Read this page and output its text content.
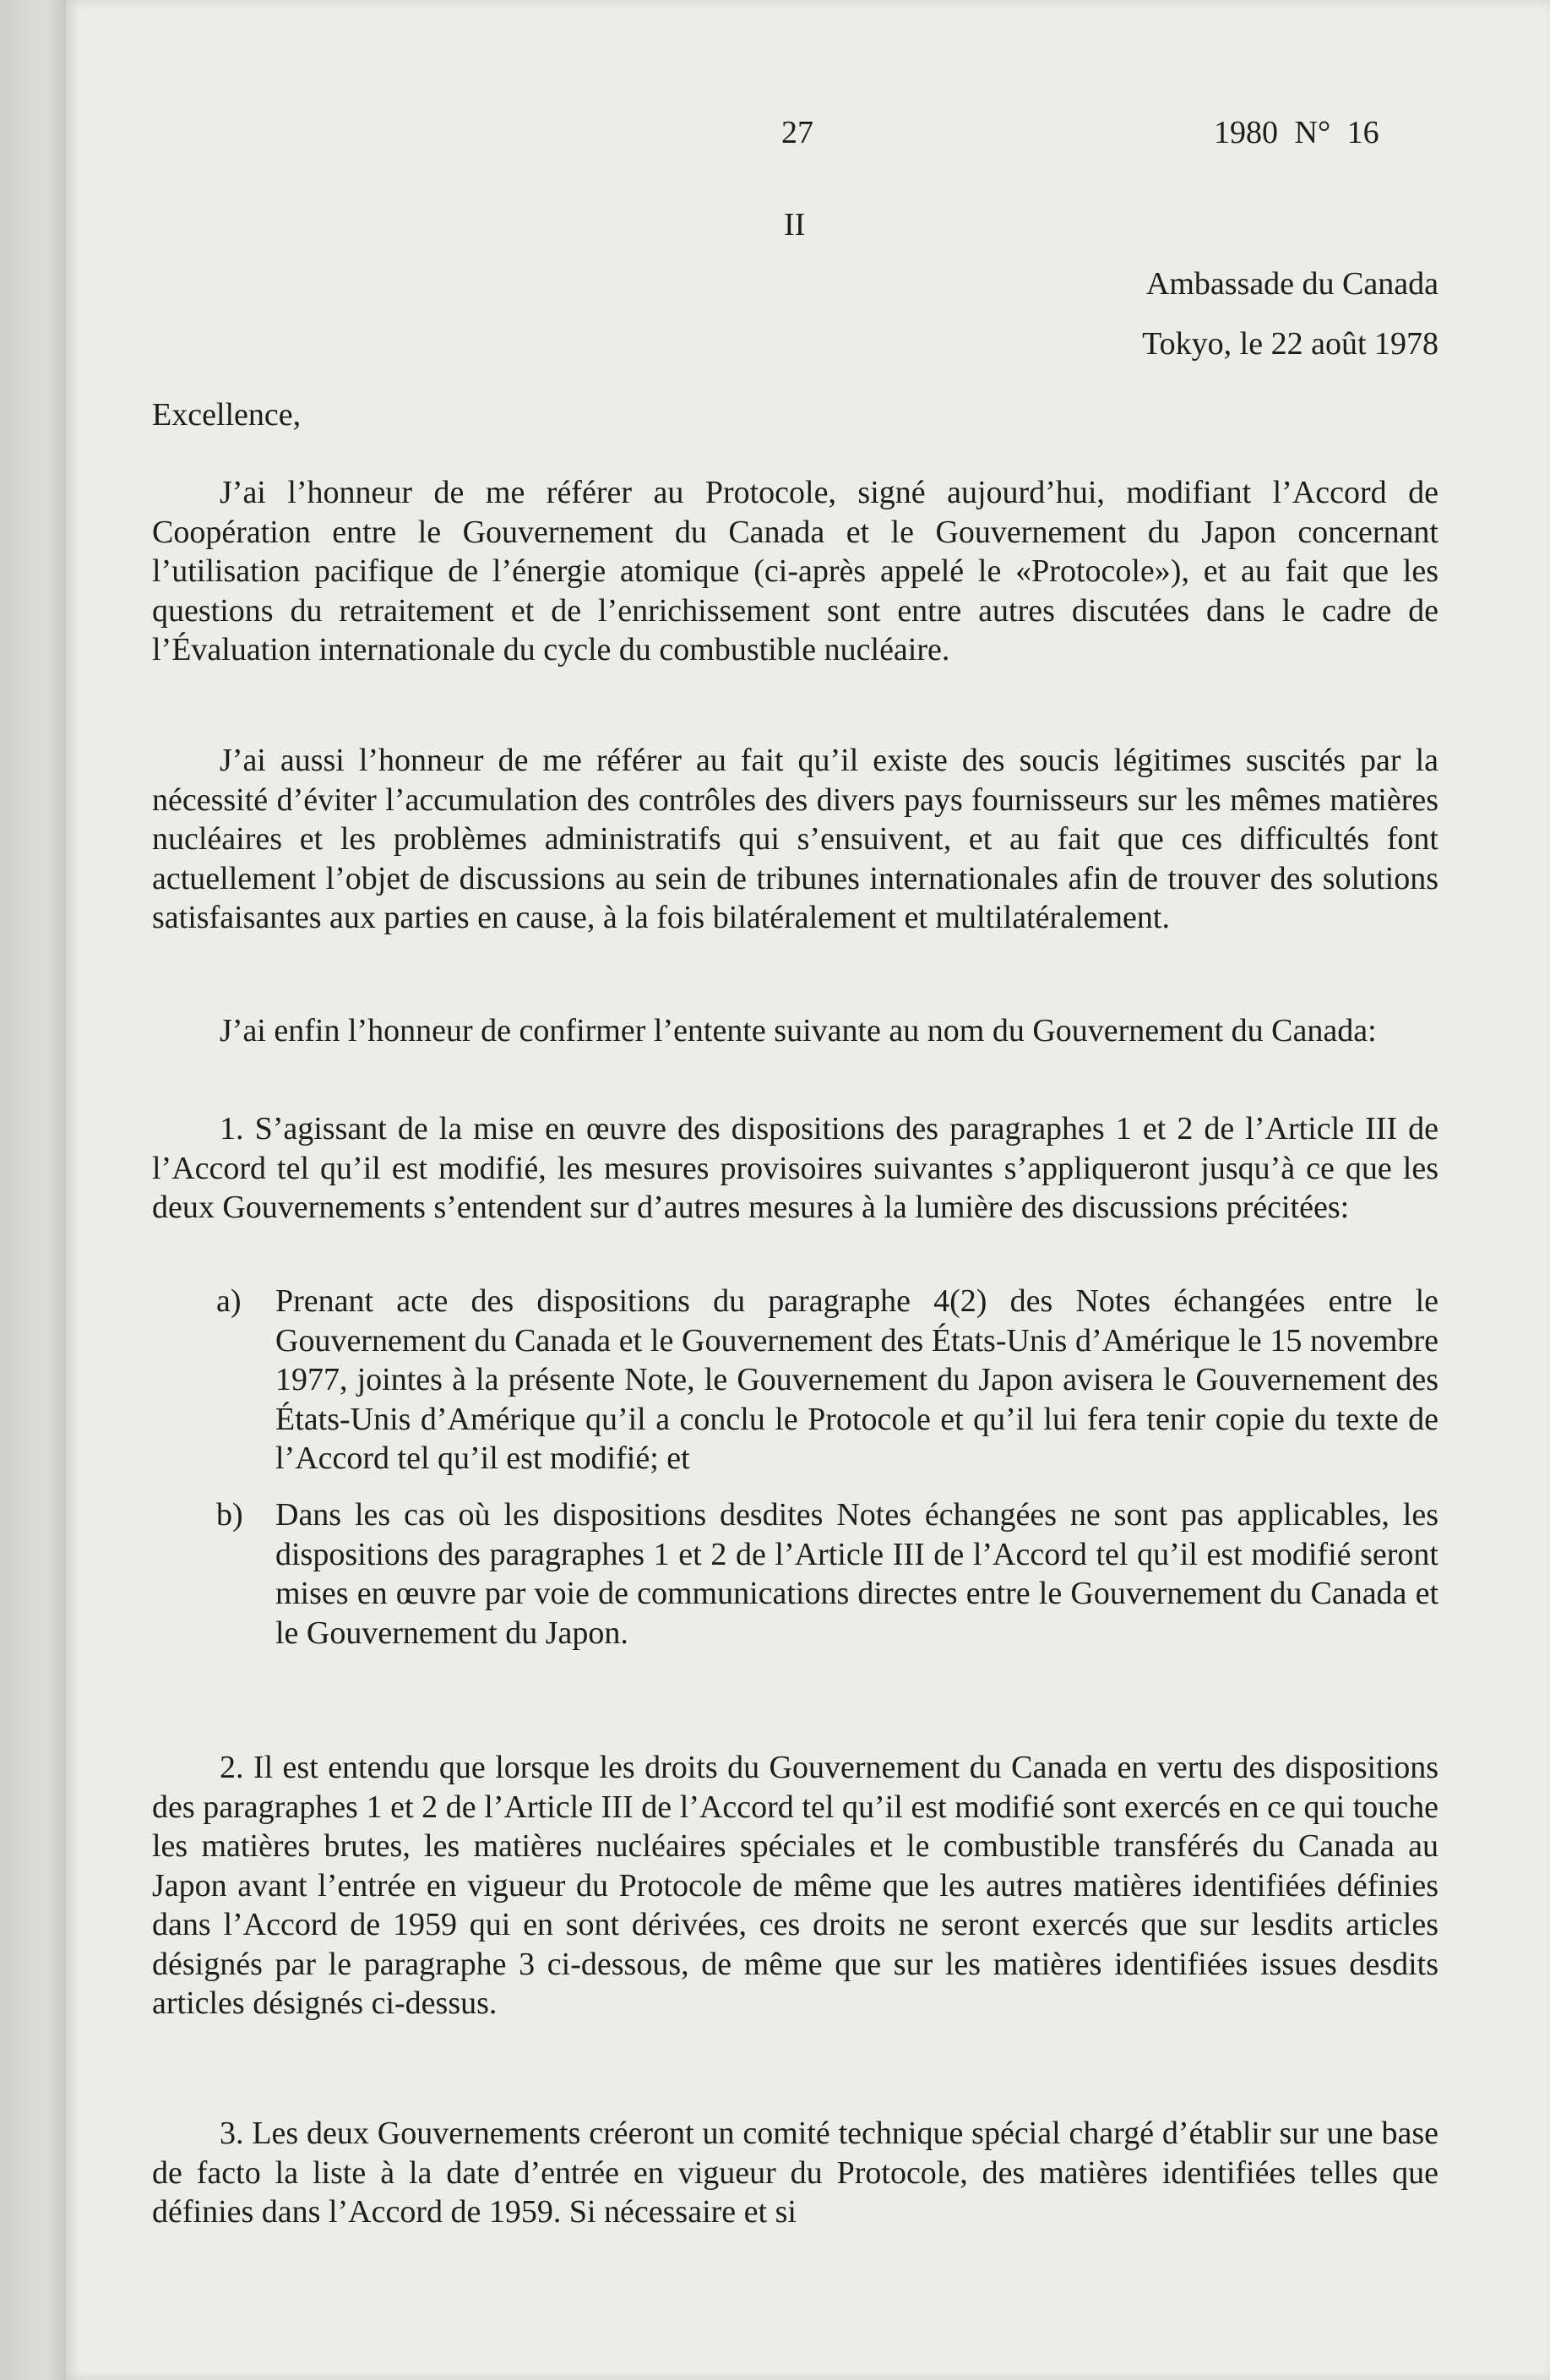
27	1980 N° 16
II
Ambassade du Canada
Tokyo, le 22 août 1978
Excellence,

J’ai l’honneur de me référer au Protocole, signé aujourd’hui, modifiant l’Accord de Coopération entre le Gouvernement du Canada et le Gouvernement du Japon concernant l’utilisation pacifique de l’énergie atomique (ci-après appelé le «Protocole»), et au fait que les questions du retraitement et de l’enrichissement sont entre autres discutées dans le cadre de l’Évaluation internationale du cycle du combustible nucléaire.

J’ai aussi l’honneur de me référer au fait qu’il existe des soucis légitimes suscités par la nécessité d’éviter l’accumulation des contrôles des divers pays fournisseurs sur les mêmes matières nucléaires et les problèmes administratifs qui s’ensuivent, et au fait que ces difficultés font actuellement l’objet de discussions au sein de tribunes internationales afin de trouver des solutions satisfaisantes aux parties en cause, à la fois bilatéralement et multilatéralement.

J’ai enfin l’honneur de confirmer l’entente suivante au nom du Gouvernement du Canada:

1. S’agissant de la mise en œuvre des dispositions des paragraphes 1 et 2 de l’Article III de l’Accord tel qu’il est modifié, les mesures provisoires suivantes s’appliqueront jusqu’à ce que les deux Gouvernements s’entendent sur d’autres mesures à la lumière des discussions précitées:

a)	Prenant acte des dispositions du paragraphe 4(2) des Notes échangées entre le Gouvernement du Canada et le Gouvernement des États-Unis d’Amérique le 15 novembre 1977, jointes à la présente Note, le Gouvernement du Japon avisera le Gouvernement des États-Unis d’Amérique qu’il a conclu le Protocole et qu’il lui fera tenir copie du texte de l’Accord tel qu’il est modifié; et
b)	Dans les cas où les dispositions desdites Notes échangées ne sont pas applicables, les dispositions des paragraphes 1 et 2 de l’Article III de l’Accord tel qu’il est modifié seront mises en œuvre par voie de communications directes entre le Gouvernement du Canada et le Gouvernement du Japon.

2. Il est entendu que lorsque les droits du Gouvernement du Canada en vertu des dispositions des paragraphes 1 et 2 de l’Article III de l’Accord tel qu’il est modifié sont exercés en ce qui touche les matières brutes, les matières nucléaires spéciales et le combustible transférés du Canada au Japon avant l’entrée en vigueur du Protocole de même que les autres matières identifiées définies dans l’Accord de 1959 qui en sont dérivées, ces droits ne seront exercés que sur lesdits articles désignés par le paragraphe 3 ci-dessous, de même que sur les matières identifiées issues desdits articles désignés ci-dessus.

3. Les deux Gouvernements créeront un comité technique spécial chargé d’établir sur une base de facto la liste à la date d’entrée en vigueur du Protocole, des matières identifiées telles que définies dans l’Accord de 1959. Si nécessaire et si
